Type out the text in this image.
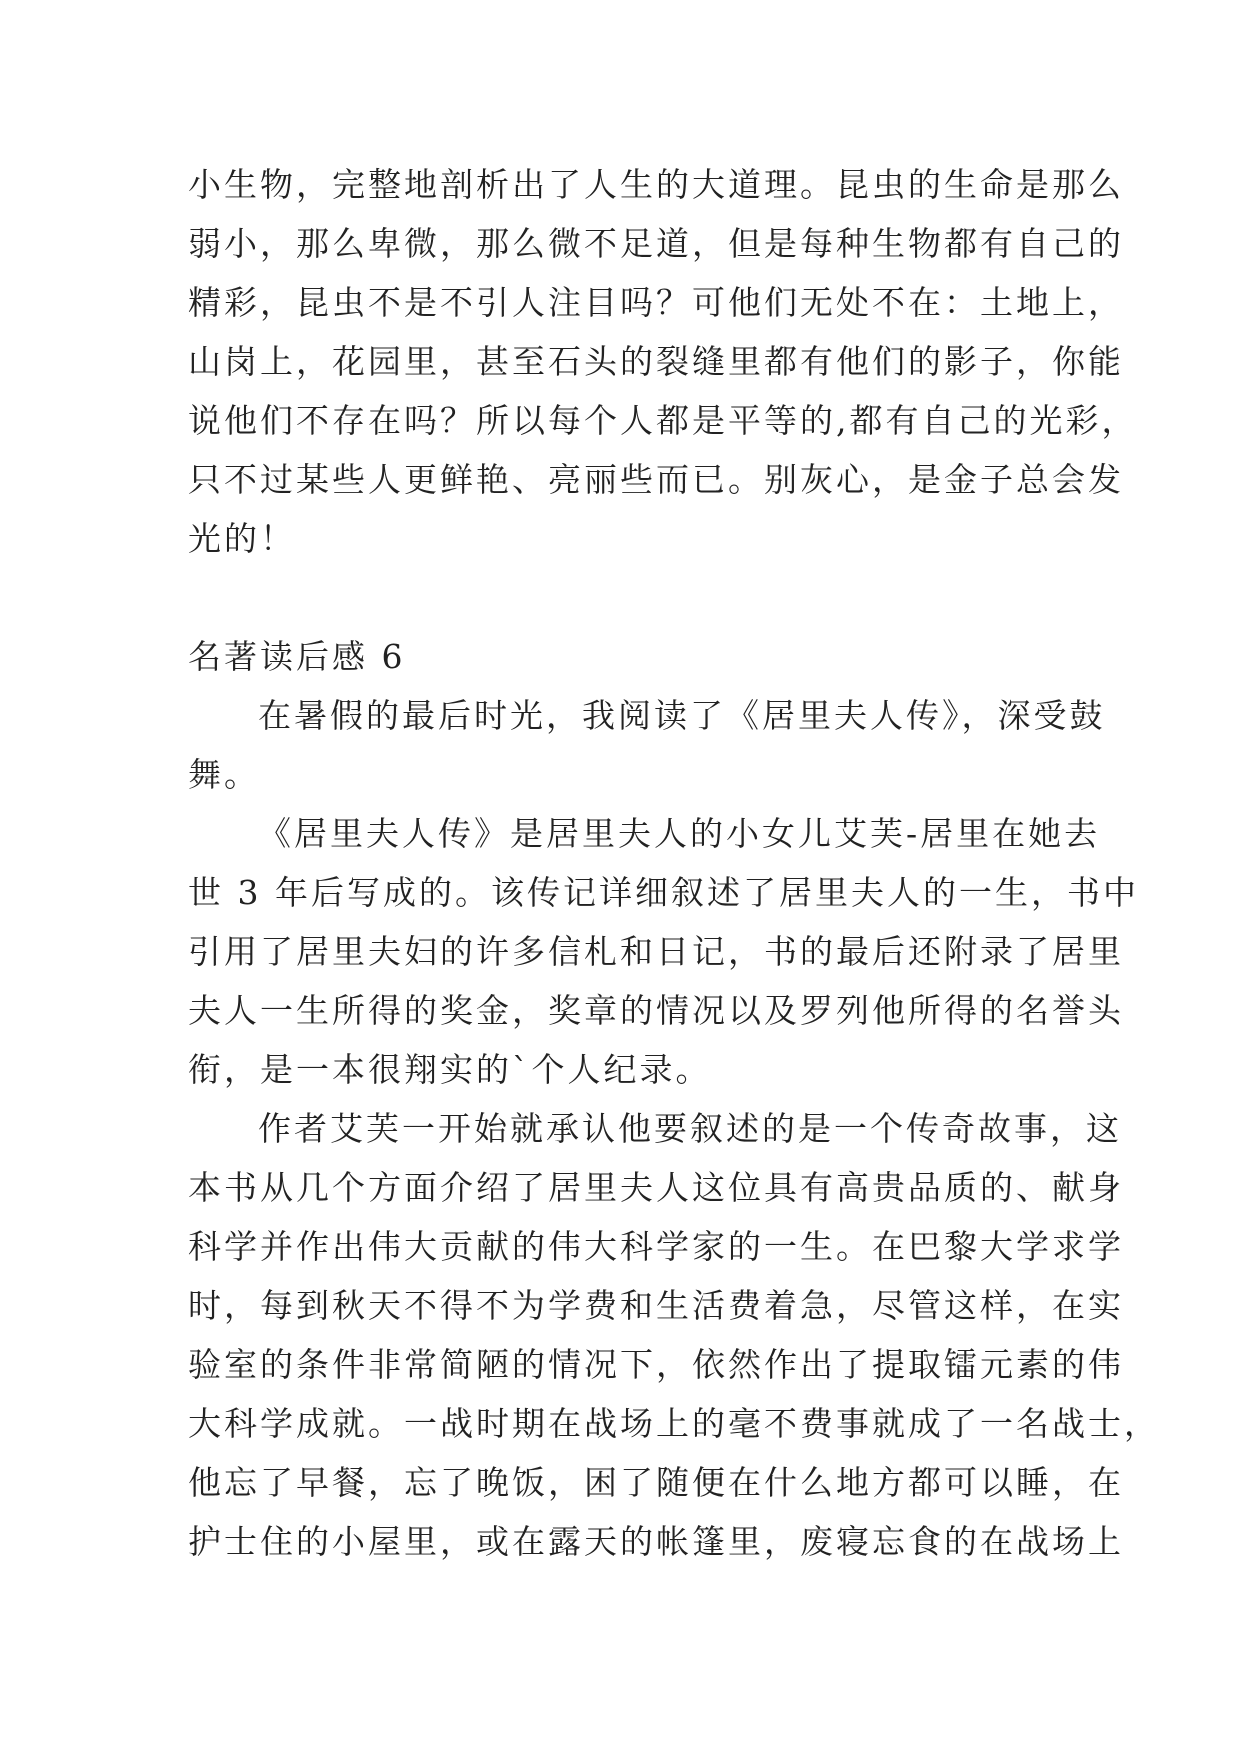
小生物，完整地剖析出了人生的大道理。昆虫的生命是那么
弱小，那么卑微，那么微不足道，但是每种生物都有自己的
精彩，昆虫不是不引人注目吗？可他们无处不在：土地上，
山岗上，花园里，甚至石头的裂缝里都有他们的影子，你能
说他们不存在吗？所以每个人都是平等的,都有自己的光彩，
只不过某些人更鲜艳、亮丽些而已。别灰心，是金子总会发
光的！
名著读后感 6
在暑假的最后时光，我阅读了《居里夫人传》，深受鼓
舞。
《居里夫人传》是居里夫人的小女儿艾芙-居里在她去
世 3 年后写成的。该传记详细叙述了居里夫人的一生，书中
引用了居里夫妇的许多信札和日记，书的最后还附录了居里
夫人一生所得的奖金，奖章的情况以及罗列他所得的名誉头
衔，是一本很翔实的`个人纪录。
作者艾芙一开始就承认他要叙述的是一个传奇故事，这
本书从几个方面介绍了居里夫人这位具有高贵品质的、献身
科学并作出伟大贡献的伟大科学家的一生。在巴黎大学求学
时，每到秋天不得不为学费和生活费着急，尽管这样，在实
验室的条件非常简陋的情况下，依然作出了提取镭元素的伟
大科学成就。一战时期在战场上的毫不费事就成了一名战士，
他忘了早餐，忘了晚饭，困了随便在什么地方都可以睡，在
护士住的小屋里，或在露天的帐篷里，废寝忘食的在战场上
